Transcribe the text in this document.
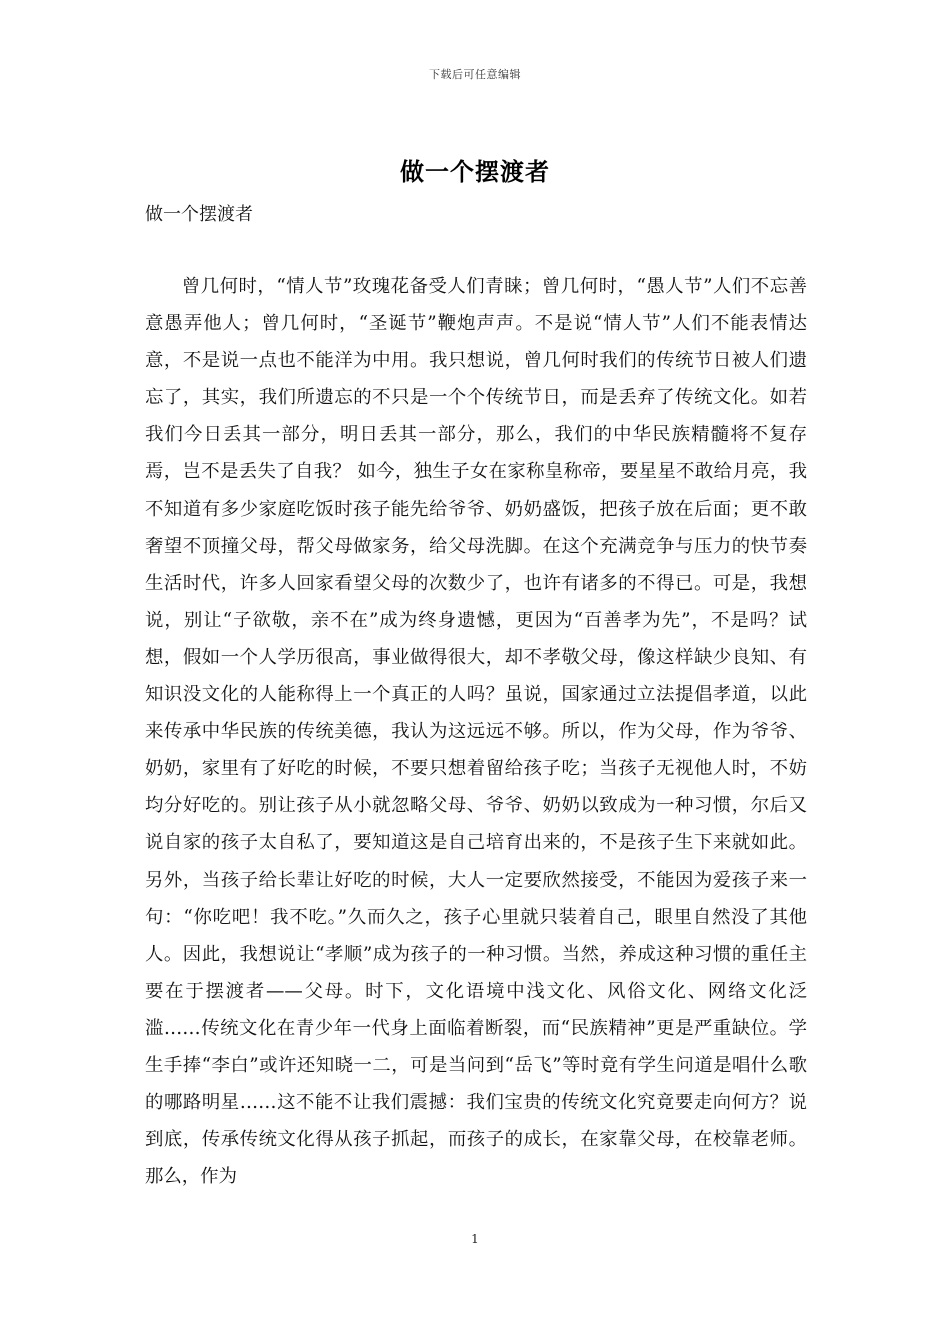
下载后可任意编辑
做一个摆渡者

做一个摆渡者

曾几何时，“情人节”玫瑰花备受人们青睐；曾几何时，“愚人节”人们不忘善意愚弄他人；曾几何时，“圣诞节”鞭炮声声。不是说“情人节”人们不能表情达意，不是说一点也不能洋为中用。我只想说，曾几何时我们的传统节日被人们遗忘了，其实，我们所遗忘的不只是一个个传统节日，而是丢弃了传统文化。如若我们今日丢其一部分，明日丢其一部分，那么，我们的中华民族精髓将不复存焉，岂不是丢失了自我？ 如今，独生子女在家称皇称帝，要星星不敢给月亮，我不知道有多少家庭吃饭时孩子能先给爷爷、奶奶盛饭，把孩子放在后面；更不敢奢望不顶撞父母，帮父母做家务，给父母洗脚。在这个充满竞争与压力的快节奏生活时代，许多人回家看望父母的次数少了，也许有诸多的不得已。可是，我想说，别让“子欲敬，亲不在”成为终身遗憾，更因为“百善孝为先”，不是吗？试想，假如一个人学历很高，事业做得很大，却不孝敬父母，像这样缺少良知、有知识没文化的人能称得上一个真正的人吗？虽说，国家通过立法提倡孝道，以此来传承中华民族的传统美德，我认为这远远不够。所以，作为父母，作为爷爷、奶奶，家里有了好吃的时候，不要只想着留给孩子吃；当孩子无视他人时，不妨均分好吃的。别让孩子从小就忽略父母、爷爷、奶奶以致成为一种习惯，尔后又说自家的孩子太自私了，要知道这是自己培育出来的，不是孩子生下来就如此。另外，当孩子给长辈让好吃的时候，大人一定要欣然接受，不能因为爱孩子来一句：“你吃吧！我不吃。”久而久之，孩子心里就只装着自己，眼里自然没了其他人。因此，我想说让“孝顺”成为孩子的一种习惯。当然，养成这种习惯的重任主要在于摆渡者——父母。时下，文化语境中浅文化、风俗文化、网络文化泛滥……传统文化在青少年一代身上面临着断裂，而“民族精神”更是严重缺位。学生手捧“李白”或许还知晓一二，可是当问到“岳飞”等时竟有学生问道是唱什么歌的哪路明星……这不能不让我们震撼：我们宝贵的传统文化究竟要走向何方？说到底，传承传统文化得从孩子抓起，而孩子的成长，在家靠父母，在校靠老师。那么，作为

1
